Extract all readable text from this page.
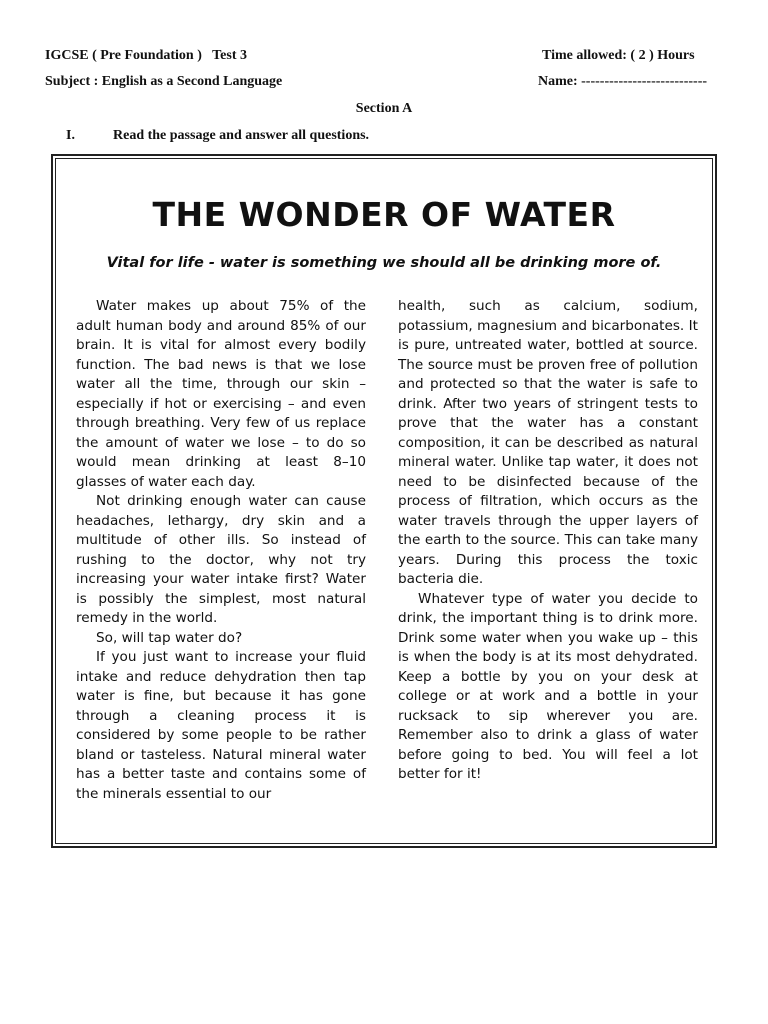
IGCSE ( Pre Foundation )   Test 3	Time allowed: ( 2 ) Hours
Subject : English as a Second Language	Name: ---------------------------
Section A
I.	Read the passage and answer all questions.
THE WONDER OF WATER
Vital for life - water is something we should all be drinking more of.

Water makes up about 75% of the adult human body and around 85% of our brain. It is vital for almost every bodily function. The bad news is that we lose water all the time, through our skin – especially if hot or exercising – and even through breathing. Very few of us replace the amount of water we lose – to do so would mean drinking at least 8–10 glasses of water each day.

Not drinking enough water can cause headaches, lethargy, dry skin and a multitude of other ills. So instead of rushing to the doctor, why not try increasing your water intake first? Water is possibly the simplest, most natural remedy in the world.

So, will tap water do?

If you just want to increase your fluid intake and reduce dehydration then tap water is fine, but because it has gone through a cleaning process it is considered by some people to be rather bland or tasteless. Natural mineral water has a better taste and contains some of the minerals essential to our

health, such as calcium, sodium, potassium, magnesium and bicarbonates. It is pure, untreated water, bottled at source. The source must be proven free of pollution and protected so that the water is safe to drink. After two years of stringent tests to prove that the water has a constant composition, it can be described as natural mineral water. Unlike tap water, it does not need to be disinfected because of the process of filtration, which occurs as the water travels through the upper layers of the earth to the source. This can take many years. During this process the toxic bacteria die.

Whatever type of water you decide to drink, the important thing is to drink more. Drink some water when you wake up – this is when the body is at its most dehydrated. Keep a bottle by you on your desk at college or at work and a bottle in your rucksack to sip wherever you are. Remember also to drink a glass of water before going to bed. You will feel a lot better for it!
